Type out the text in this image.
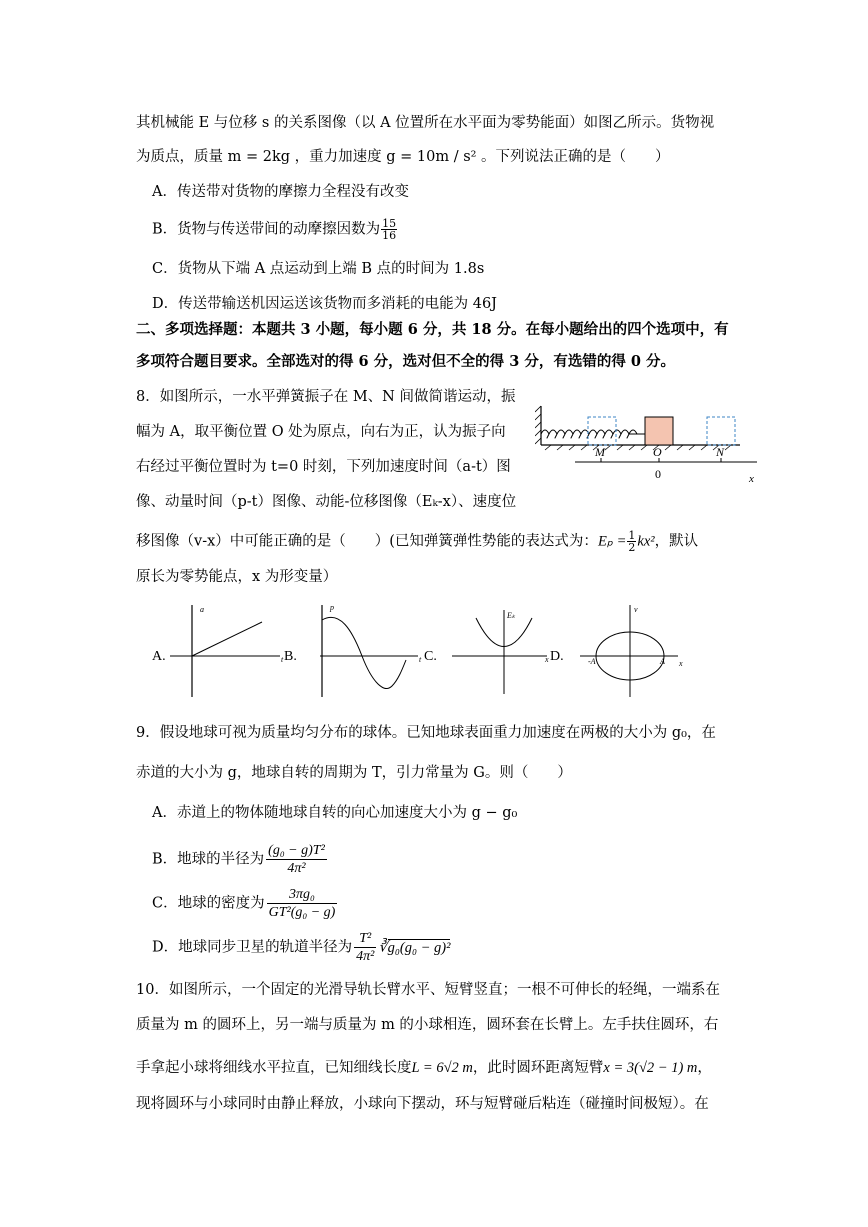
其机械能 E 与位移 s 的关系图像（以 A 位置所在水平面为零势能面）如图乙所示。货物视
为质点，质量 m = 2kg ，重力加速度 g = 10m / s² 。下列说法正确的是（　　）
A．传送带对货物的摩擦力全程没有改变
B．货物与传送带间的动摩擦因数为 $\frac{15}{16}$
C．货物从下端 A 点运动到上端 B 点的时间为 1.8s
D．传送带输送机因运送该货物而多消耗的电能为 46J
二、多项选择题：本题共 3 小题，每小题 6 分，共 18 分。在每小题给出的四个选项中，有
多项符合题目要求。全部选对的得 6 分，选对但不全的得 3 分，有选错的得 0 分。
8．如图所示，一水平弹簧振子在 M、N 间做简谐运动，振
幅为 A，取平衡位置 O 处为原点，向右为正，认为振子向
右经过平衡位置时为 t=0 时刻，下列加速度时间（a-t）图
像、动量时间（p-t）图像、动能-位移图像（Eₖ-x）、速度位
移图像（v-x）中可能正确的是（　　）(已知弹簧弹性势能的表达式为：$E_p = \frac{1}{2} kx^2$，默认
原长为零势能点，x 为形变量）
M	O	N
0	x
A.
a
t B.
p
t C.
Eₖ
x D.
v
-A	A x
9．假设地球可视为质量均匀分布的球体。已知地球表面重力加速度在两极的大小为 g₀，在
赤道的大小为 g，地球自转的周期为 T，引力常量为 G。则（　　）
A．赤道上的物体随地球自转的向心加速度大小为 g − g₀
B．地球的半径为 $\frac{\text{(g₀ − g)T²}}{\text{4π²}}$
C．地球的密度为 $\frac{\text{3πg₀}}{\text{GT²(g₀ − g)}}$
D．地球同步卫星的轨道半径为 $\frac{\text{T²}}{\text{4π²}}$ ∛g₀(g₀ − g)²
10．如图所示，一个固定的光滑导轨长臂水平、短臂竖直；一根不可伸长的轻绳，一端系在
质量为 m 的圆环上，另一端与质量为 m 的小球相连，圆环套在长臂上。左手扶住圆环，右
手拿起小球将细线水平拉直，已知细线长度L = 6√2 m，此时圆环距离短臂x = 3(√2 − 1) m，
现将圆环与小球同时由静止释放，小球向下摆动，环与短臂碰后粘连（碰撞时间极短）。在
